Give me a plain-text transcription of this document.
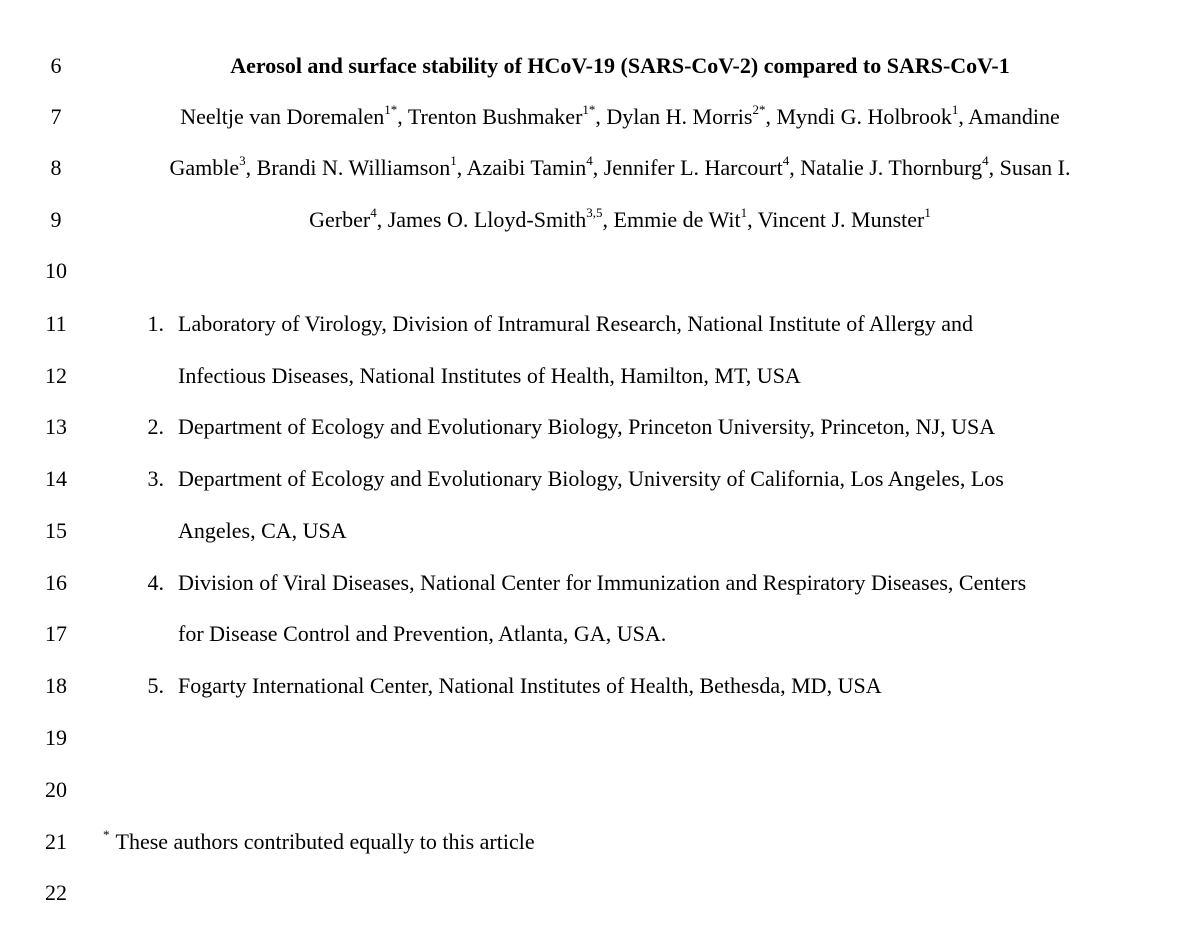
6
7
8
9
10
11
12
13
14
15
16
17
18
19
20
21
22
Aerosol and surface stability of HCoV-19 (SARS-CoV-2) compared to SARS-CoV-1
Neeltje van Doremalen$^{1*}$, Trenton Bushmaker$^{1*}$, Dylan H. Morris$^{2*}$, Myndi G. Holbrook$^1$, Amandine
Gamble$^3$, Brandi N. Williamson$^1$, Azaibi Tamin$^4$, Jennifer L. Harcourt$^4$, Natalie J. Thornburg$^4$, Susan I.
Gerber$^4$, James O. Lloyd-Smith$^{3,5}$, Emmie de Wit$^1$, Vincent J. Munster$^1$
1. Laboratory of Virology, Division of Intramural Research, National Institute of Allergy and
Infectious Diseases, National Institutes of Health, Hamilton, MT, USA
2. Department of Ecology and Evolutionary Biology, Princeton University, Princeton, NJ, USA
3. Department of Ecology and Evolutionary Biology, University of California, Los Angeles, Los
Angeles, CA, USA
4. Division of Viral Diseases, National Center for Immunization and Respiratory Diseases, Centers
for Disease Control and Prevention, Atlanta, GA, USA.
5. Fogarty International Center, National Institutes of Health, Bethesda, MD, USA
* These authors contributed equally to this article
